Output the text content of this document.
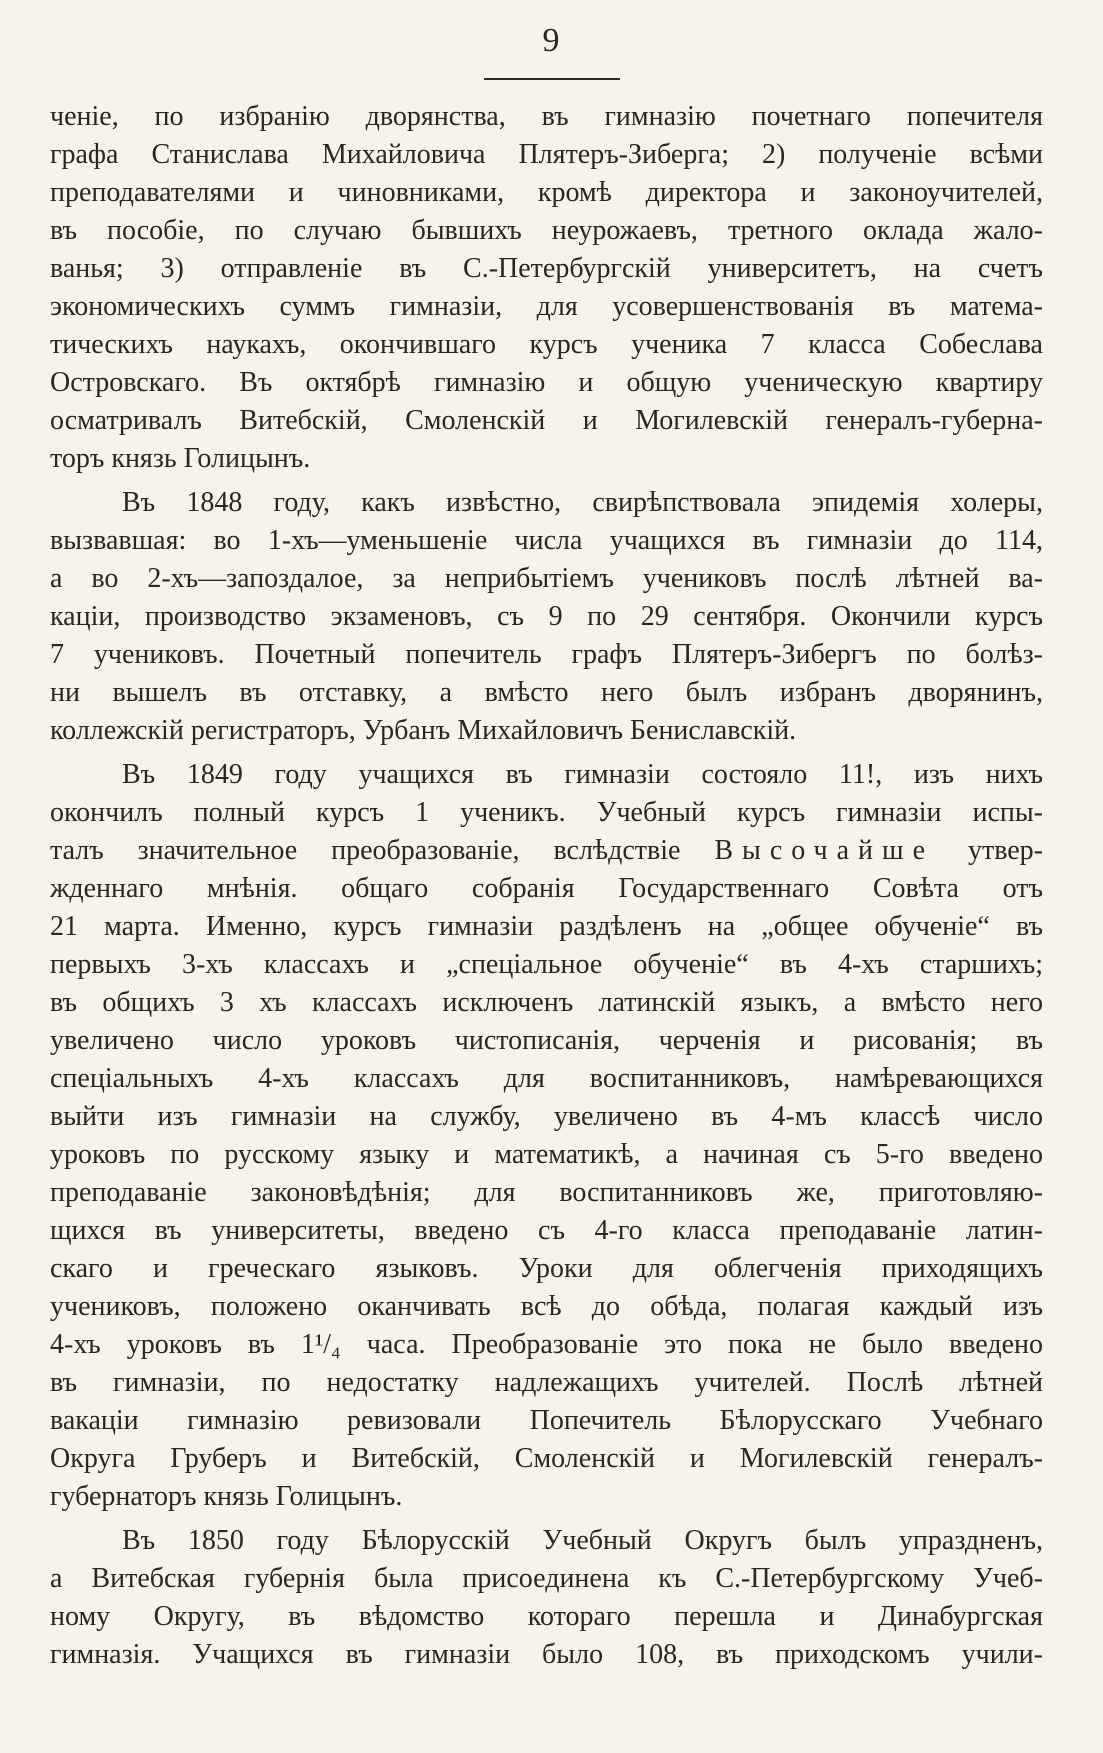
9
ченіе, по избранію дворянства, въ гимназію почетнаго попечителя
графа Станислава Михайловича Плятеръ-Зиберга; 2) полученіе всѣми
преподавателями и чиновниками, кромѣ директора и законоучителей,
въ пособіе, по случаю бывшихъ неурожаевъ, третного оклада жало-
ванья; 3) отправленіе въ С.-Петербургскій университетъ, на счетъ
экономическихъ суммъ гимназіи, для усовершенствованія въ матема-
тическихъ наукахъ, окончившаго курсъ ученика 7 класса Собеслава
Островскаго. Въ октябрѣ гимназію и общую ученическую квартиру
осматривалъ Витебскій, Смоленскій и Могилевскій генералъ-губерна-
торъ князь Голицынъ.
Въ 1848 году, какъ извѣстно, свирѣпствовала эпидемія холеры,
вызвавшая: во 1-хъ—уменьшеніе числа учащихся въ гимназіи до 114,
а во 2-хъ—запоздалое, за неприбытіемъ учениковъ послѣ лѣтней ва-
каціи, производство экзаменовъ, съ 9 по 29 сентября. Окончили курсъ
7 учениковъ. Почетный попечитель графъ Плятеръ-Зибергъ по болѣз-
ни вышелъ въ отставку, а вмѣсто него былъ избранъ дворянинъ,
коллежскій регистраторъ, Урбанъ Михайловичъ Бениславскій.
Въ 1849 году учащихся въ гимназіи состояло 11!, изъ нихъ
окончилъ полный курсъ 1 ученикъ. Учебный курсъ гимназіи испы-
талъ значительное преобразованіе, вслѣдствіе Высочайше утвер-
жденнаго мнѣнія. общаго собранія Государственнаго Совѣта отъ
21 марта. Именно, курсъ гимназіи раздѣленъ на „общее обученіе“ въ
первыхъ 3-хъ классахъ и „спеціальное обученіе“ въ 4-хъ старшихъ;
въ общихъ 3 хъ классахъ исключенъ латинскій языкъ, а вмѣсто него
увеличено число уроковъ чистописанія, черченія и рисованія; въ
спеціальныхъ 4-хъ классахъ для воспитанниковъ, намѣревающихся
выйти изъ гимназіи на службу, увеличено въ 4-мъ классѣ число
уроковъ по русскому языку и математикѣ, а начиная съ 5-го введено
преподаваніе законовѣдѣнія; для воспитанниковъ же, приготовляю-
щихся въ университеты, введено съ 4-го класса преподаваніе латин-
скаго и греческаго языковъ. Уроки для облегченія приходящихъ
учениковъ, положено оканчивать всѣ до обѣда, полагая каждый изъ
4-хъ уроковъ въ 1¹/₄ часа. Преобразованіе это пока не было введено
въ гимназіи, по недостатку надлежащихъ учителей. Послѣ лѣтней
вакаціи гимназію ревизовали Попечитель Бѣлорусскаго Учебнаго
Округа Груберъ и Витебскій, Смоленскій и Могилевскій генералъ-
губернаторъ князь Голицынъ.
Въ 1850 году Бѣлорусскій Учебный Округъ былъ упраздненъ,
а Витебская губернія была присоединена къ С.-Петербургскому Учеб-
ному Округу, въ вѣдомство котораго перешла и Динабургская
гимназія. Учащихся въ гимназіи было 108, въ приходскомъ учили-
